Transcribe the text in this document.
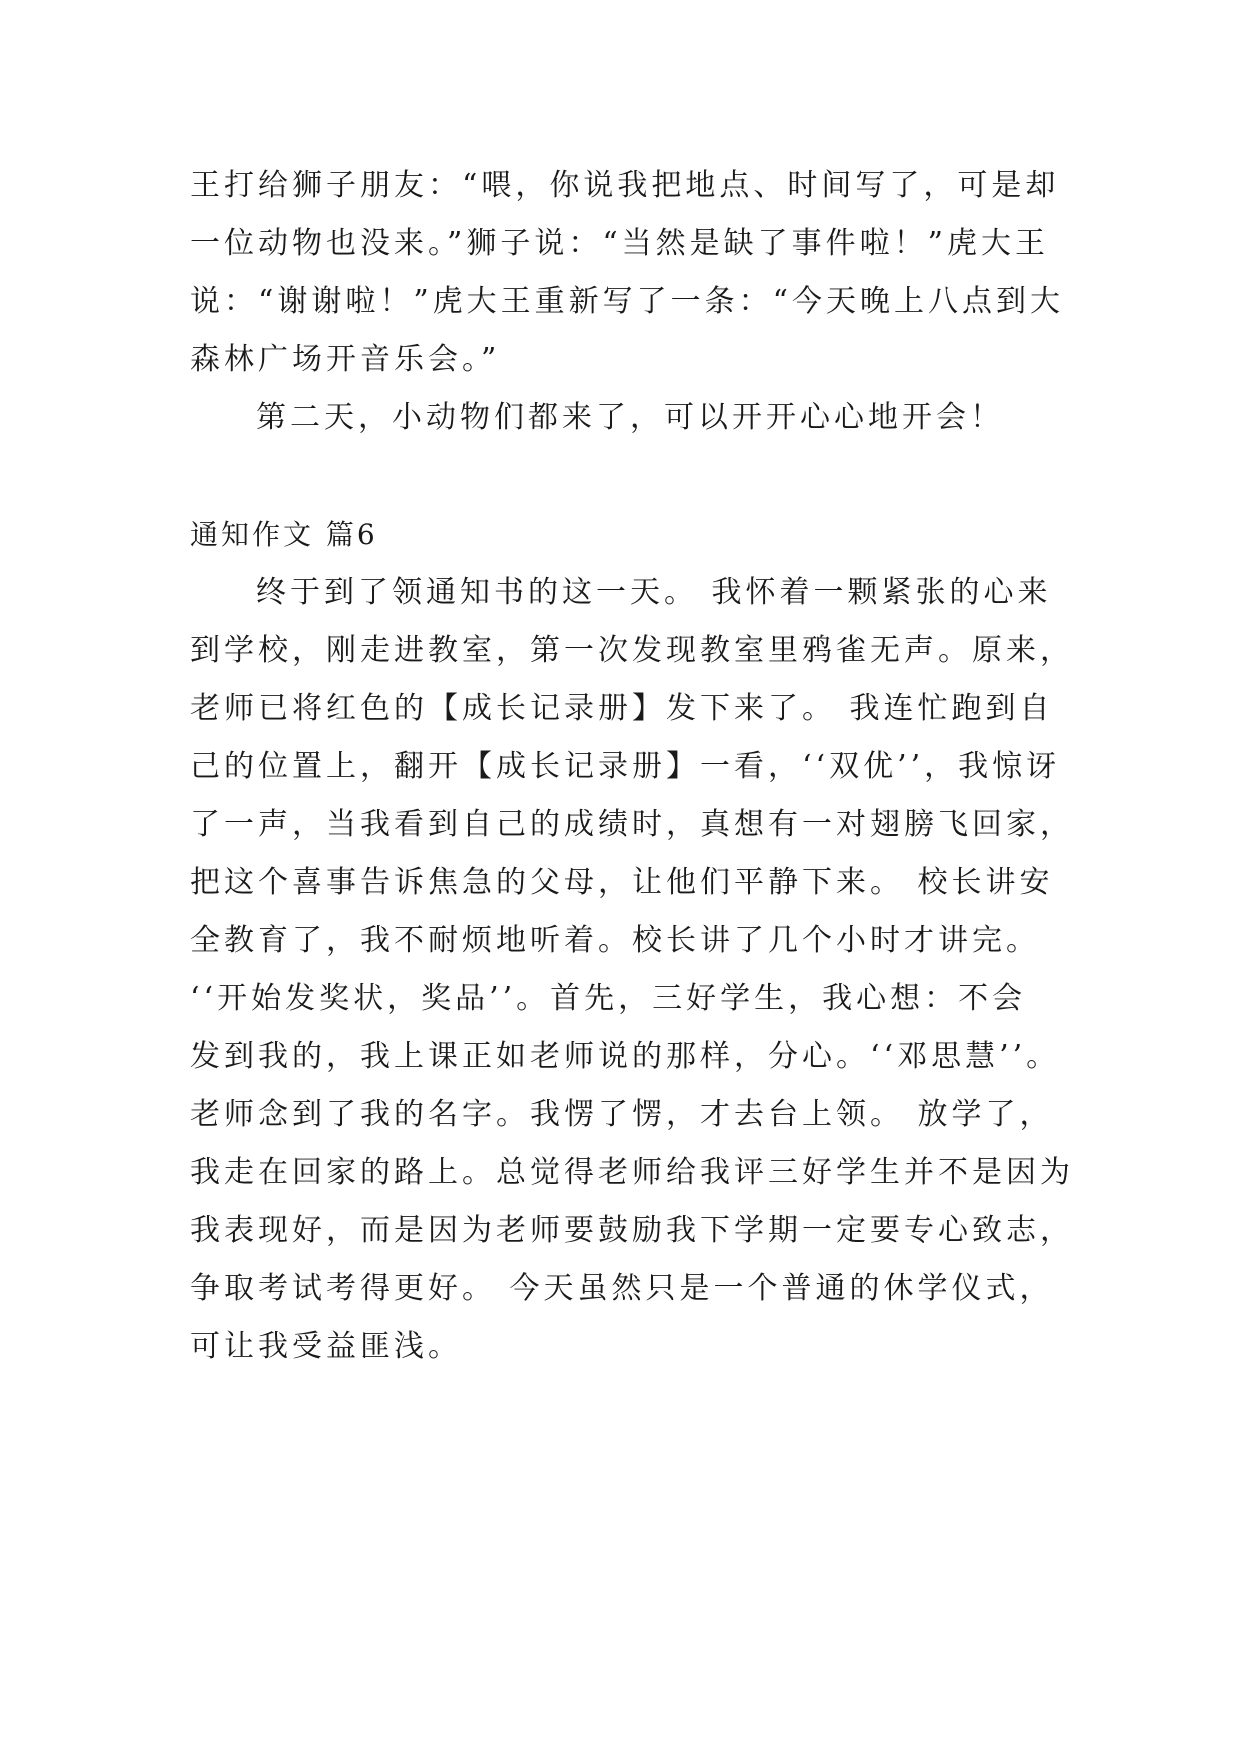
王打给狮子朋友：“喂，你说我把地点、时间写了，可是却
一位动物也没来。”狮子说：“当然是缺了事件啦！”虎大王
说：“谢谢啦！”虎大王重新写了一条：“今天晚上八点到大
森林广场开音乐会。”
第二天，小动物们都来了，可以开开心心地开会！
通知作文 篇6
终于到了领通知书的这一天。 我怀着一颗紧张的心来
到学校，刚走进教室，第一次发现教室里鸦雀无声。原来，
老师已将红色的【成长记录册】发下来了。 我连忙跑到自
己的位置上，翻开【成长记录册】一看，‘‘双优’’，我惊讶
了一声，当我看到自己的成绩时，真想有一对翅膀飞回家，
把这个喜事告诉焦急的父母，让他们平静下来。 校长讲安
全教育了，我不耐烦地听着。校长讲了几个小时才讲完。
‘‘开始发奖状，奖品’’。首先，三好学生，我心想：不会
发到我的，我上课正如老师说的那样，分心。‘‘邓思慧’’。
老师念到了我的名字。我愣了愣，才去台上领。 放学了，
我走在回家的路上。总觉得老师给我评三好学生并不是因为
我表现好，而是因为老师要鼓励我下学期一定要专心致志，
争取考试考得更好。 今天虽然只是一个普通的休学仪式，
可让我受益匪浅。
